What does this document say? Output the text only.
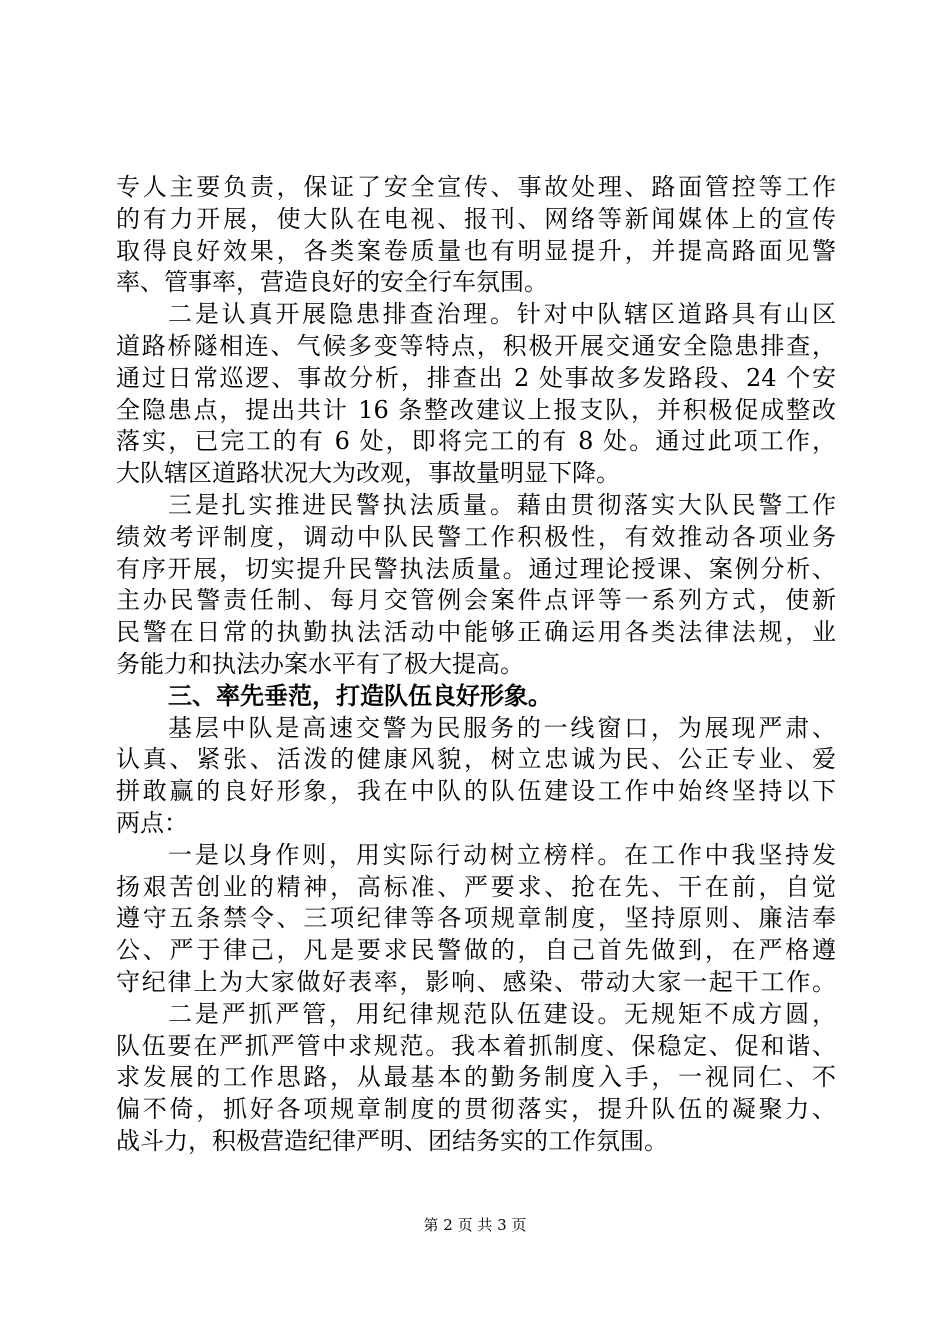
专人主要负责，保证了安全宣传、事故处理、路面管控等工作
的有力开展，使大队在电视、报刊、网络等新闻媒体上的宣传
取得良好效果，各类案卷质量也有明显提升，并提高路面见警
率、管事率，营造良好的安全行车氛围。
二是认真开展隐患排查治理。针对中队辖区道路具有山区
道路桥隧相连、气候多变等特点，积极开展交通安全隐患排查，
通过日常巡逻、事故分析，排查出 2 处事故多发路段、24 个安
全隐患点，提出共计 16 条整改建议上报支队，并积极促成整改
落实，已完工的有 6 处，即将完工的有 8 处。通过此项工作，
大队辖区道路状况大为改观，事故量明显下降。
三是扎实推进民警执法质量。藉由贯彻落实大队民警工作
绩效考评制度，调动中队民警工作积极性，有效推动各项业务
有序开展，切实提升民警执法质量。通过理论授课、案例分析、
主办民警责任制、每月交管例会案件点评等一系列方式，使新
民警在日常的执勤执法活动中能够正确运用各类法律法规，业
务能力和执法办案水平有了极大提高。
三、率先垂范，打造队伍良好形象。
基层中队是高速交警为民服务的一线窗口，为展现严肃、
认真、紧张、活泼的健康风貌，树立忠诚为民、公正专业、爱
拼敢赢的良好形象，我在中队的队伍建设工作中始终坚持以下
两点：
一是以身作则，用实际行动树立榜样。在工作中我坚持发
扬艰苦创业的精神，高标准、严要求、抢在先、干在前，自觉
遵守五条禁令、三项纪律等各项规章制度，坚持原则、廉洁奉
公、严于律己，凡是要求民警做的，自己首先做到，在严格遵
守纪律上为大家做好表率，影响、感染、带动大家一起干工作。
二是严抓严管，用纪律规范队伍建设。无规矩不成方圆，
队伍要在严抓严管中求规范。我本着抓制度、保稳定、促和谐、
求发展的工作思路，从最基本的勤务制度入手，一视同仁、不
偏不倚，抓好各项规章制度的贯彻落实，提升队伍的凝聚力、
战斗力，积极营造纪律严明、团结务实的工作氛围。
第 2 页 共 3 页
